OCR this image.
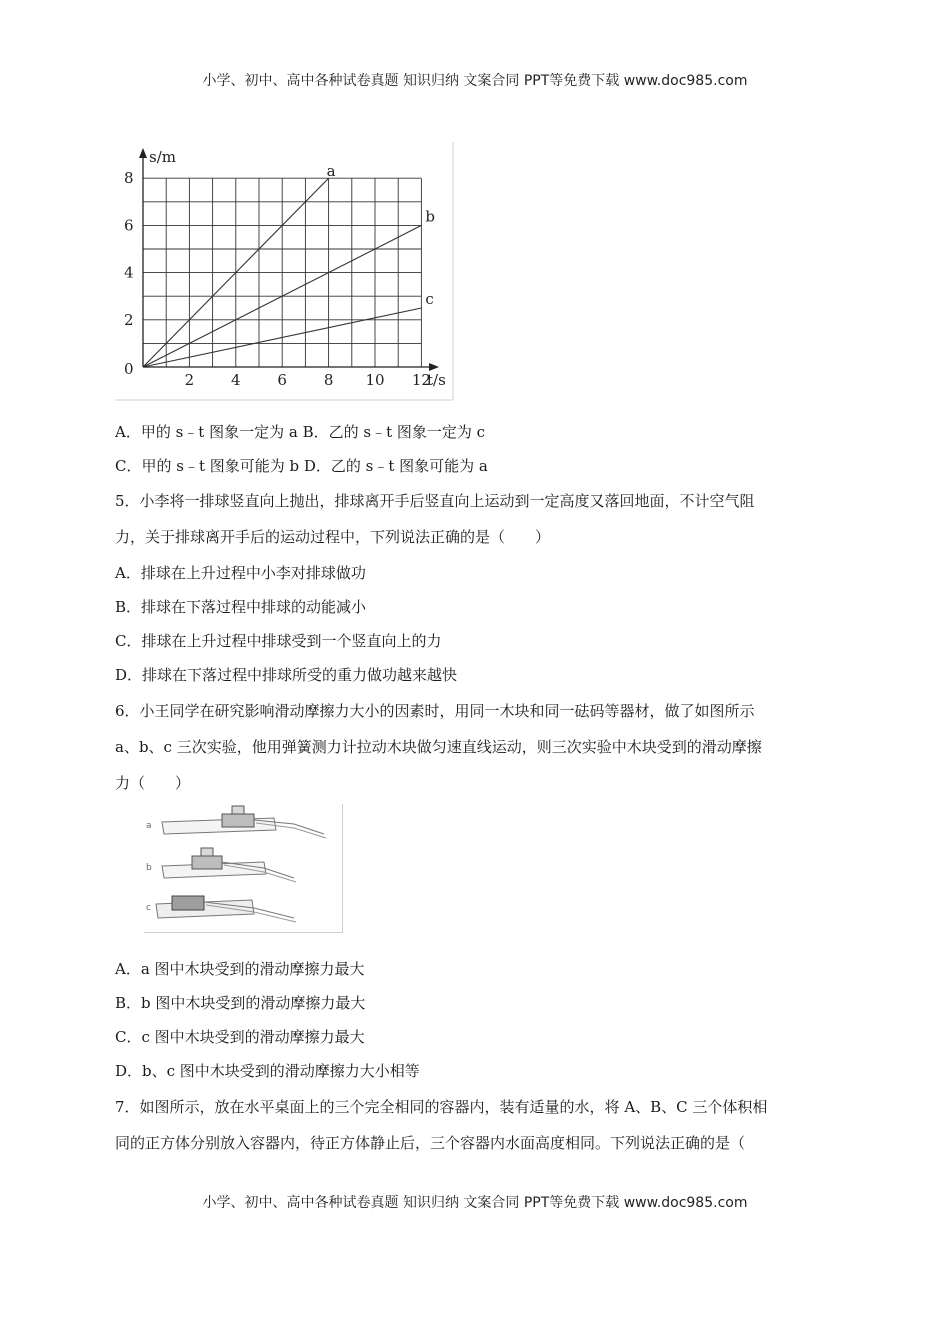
小学、初中、高中各种试卷真题 知识归纳 文案合同 PPT等免费下载 www.doc985.com
s/m
t/s
0
a
b
c
2 4 6 8 10 12
2
4
6
8
A．甲的 s﹣t 图象一定为 a B．乙的 s﹣t 图象一定为 c
C．甲的 s﹣t 图象可能为 b D．乙的 s﹣t 图象可能为 a
5．小李将一排球竖直向上抛出，排球离开手后竖直向上运动到一定高度又落回地面，不计空气阻
力，关于排球离开手后的运动过程中，下列说法正确的是（　　）
A．排球在上升过程中小李对排球做功
B．排球在下落过程中排球的动能减小
C．排球在上升过程中排球受到一个竖直向上的力
D．排球在下落过程中排球所受的重力做功越来越快
6．小王同学在研究影响滑动摩擦力大小的因素时，用同一木块和同一砝码等器材，做了如图所示
a、b、c 三次实验，他用弹簧测力计拉动木块做匀速直线运动，则三次实验中木块受到的滑动摩擦
力（　　）
a
b
c
A．a 图中木块受到的滑动摩擦力最大
B．b 图中木块受到的滑动摩擦力最大
C．c 图中木块受到的滑动摩擦力最大
D．b、c 图中木块受到的滑动摩擦力大小相等
7．如图所示，放在水平桌面上的三个完全相同的容器内，装有适量的水，将 A、B、C 三个体积相
同的正方体分别放入容器内，待正方体静止后，三个容器内水面高度相同。下列说法正确的是（
小学、初中、高中各种试卷真题 知识归纳 文案合同 PPT等免费下载 www.doc985.com
